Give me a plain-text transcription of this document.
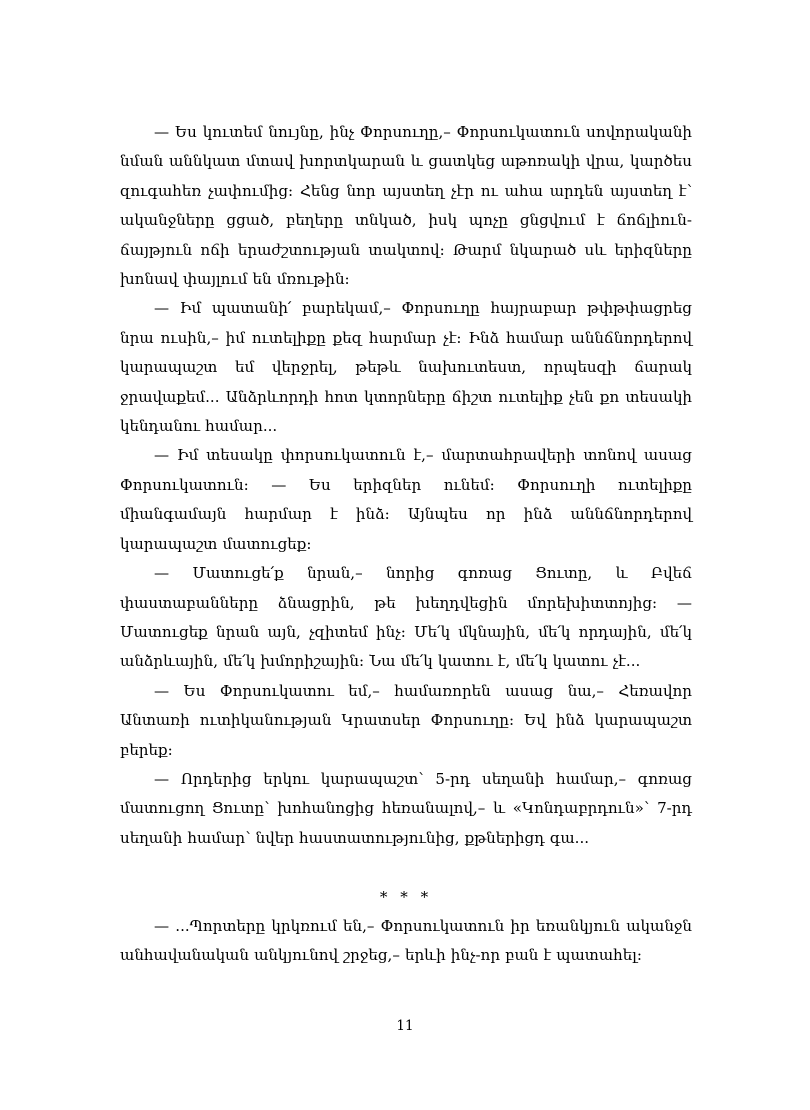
— Ես կուտեմ նույնը, ինչ Փորսուղը,– Փորսուկատուն սովորականի նման աննկատ մտավ խորտկարան և ցատկեց աթոռակի վրա, կարծես զուգահեռ չափումից։ Հենց նոր այստեղ չէր ու ահա արդեն այստեղ է՝ ականջները ցցած, բեղերը տնկած, իսկ պոչը ցնցվում է ճոճլիուն-ճայթյուն ոճի երաժշտության տակտով։ Թարմ նկարած սև երիզները խոնավ փայլում են մռութին։

— Իմ պատանի՛ բարեկամ,– Փորսուղը հայրաբար թփթփացրեց նրա ուսին,– իմ ուտելիքը քեզ հարմար չէ։ Ինձ համար աննճնորդերով կարապաշտ եմ վերջրել, թեթև նախուտեստ, որպեսզի ճարակ ջրավաքեմ... Անձրևորդի հոտ կտորները ճիշտ ուտելիք չեն քո տեսակի կենդանու համար...

— Իմ տեսակը փորսուկատուն է,– մարտահրավերի տոնով ասաց Փորսուկատուն։ — Ես երիզներ ունեմ։ Փորսուղի ուտելիքը միանգամայն հարմար է ինձ։ Այնպես որ ինձ աննճնորդերով կարապաշտ մատուցեք։

— Մատուցե՛ք նրան,– նորից գոռաց Ցուտը, և Բվեճ փաստաբանները ձնացրին, թե խեղդվեցին մորեխիտտոյից։ — Մատուցեք նրան այն, չզիտեմ ինչ։ Մե՛կ մկնային, մե՛կ որդային, մե՛կ անձրևային, մե՛կ խմորիշային։ Նա մե՛կ կատու է, մե՛կ կատու չէ...

— Ես Փորսուկատու եմ,– համառորեն ասաց նա,– Հեռավոր Անտառի ուտիկանության Կրատսեր Փորսուղը։ Եվ ինձ կարապաշտ բերեք։

— Որդերից երկու կարապաշտ՝ 5-րդ սեղանի համար,– գոռաց մատուցող Ցուտը՝ խոհանոցից հեռանալով,– և «Կոնդաբրդուն»՝ 7-րդ սեղանի համար՝ նվեր հաստատությունից, քթներիցդ գա...

* * *

— ...Պորտերը կրկռում են,– Փորսուկատուն իր եռանկյուն ականջն անհավանական անկյունով շրջեց,– երևի ինչ-որ բան է պատահել։

11
